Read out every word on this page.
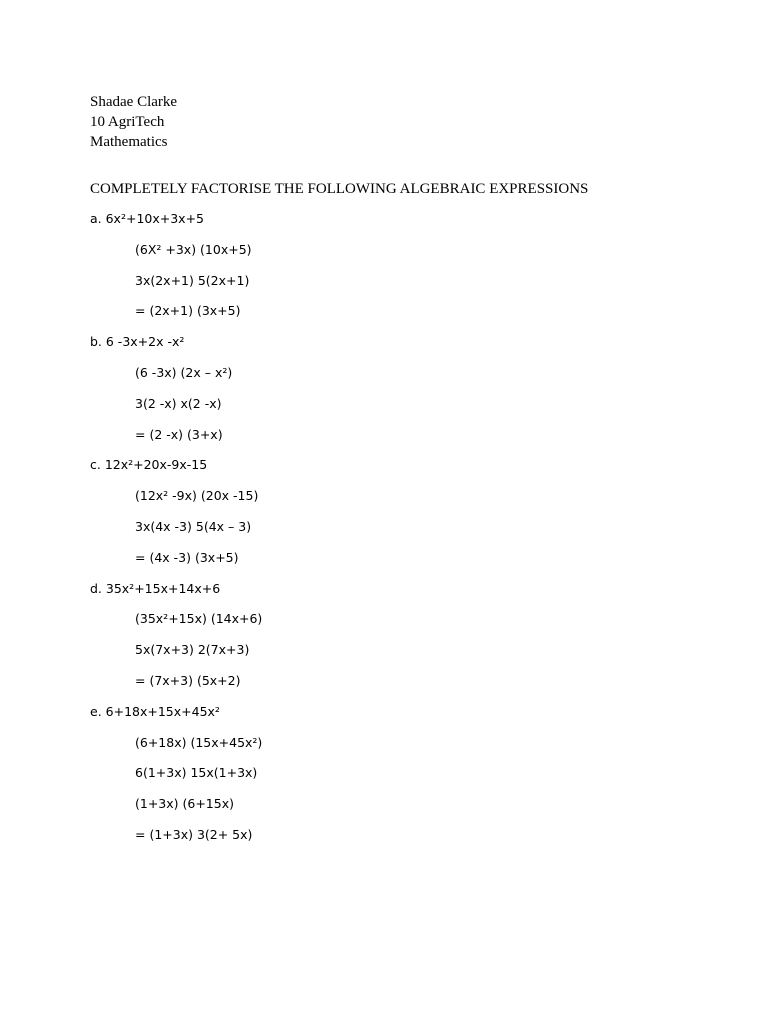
Shadae Clarke
10 AgriTech
Mathematics
COMPLETELY FACTORISE THE FOLLOWING ALGEBRAIC EXPRESSIONS
a. 6x²+10x+3x+5
(6X² +3x) (10x+5)
3x(2x+1) 5(2x+1)
= (2x+1) (3x+5)
b. 6 -3x+2x -x²
(6 -3x) (2x – x²)
3(2 -x) x(2 -x)
= (2 -x) (3+x)
c. 12x²+20x-9x-15
(12x² -9x) (20x -15)
3x(4x -3) 5(4x – 3)
= (4x -3) (3x+5)
d. 35x²+15x+14x+6
(35x²+15x) (14x+6)
5x(7x+3) 2(7x+3)
= (7x+3) (5x+2)
e. 6+18x+15x+45x²
(6+18x) (15x+45x²)
6(1+3x) 15x(1+3x)
(1+3x) (6+15x)
= (1+3x) 3(2+ 5x)
